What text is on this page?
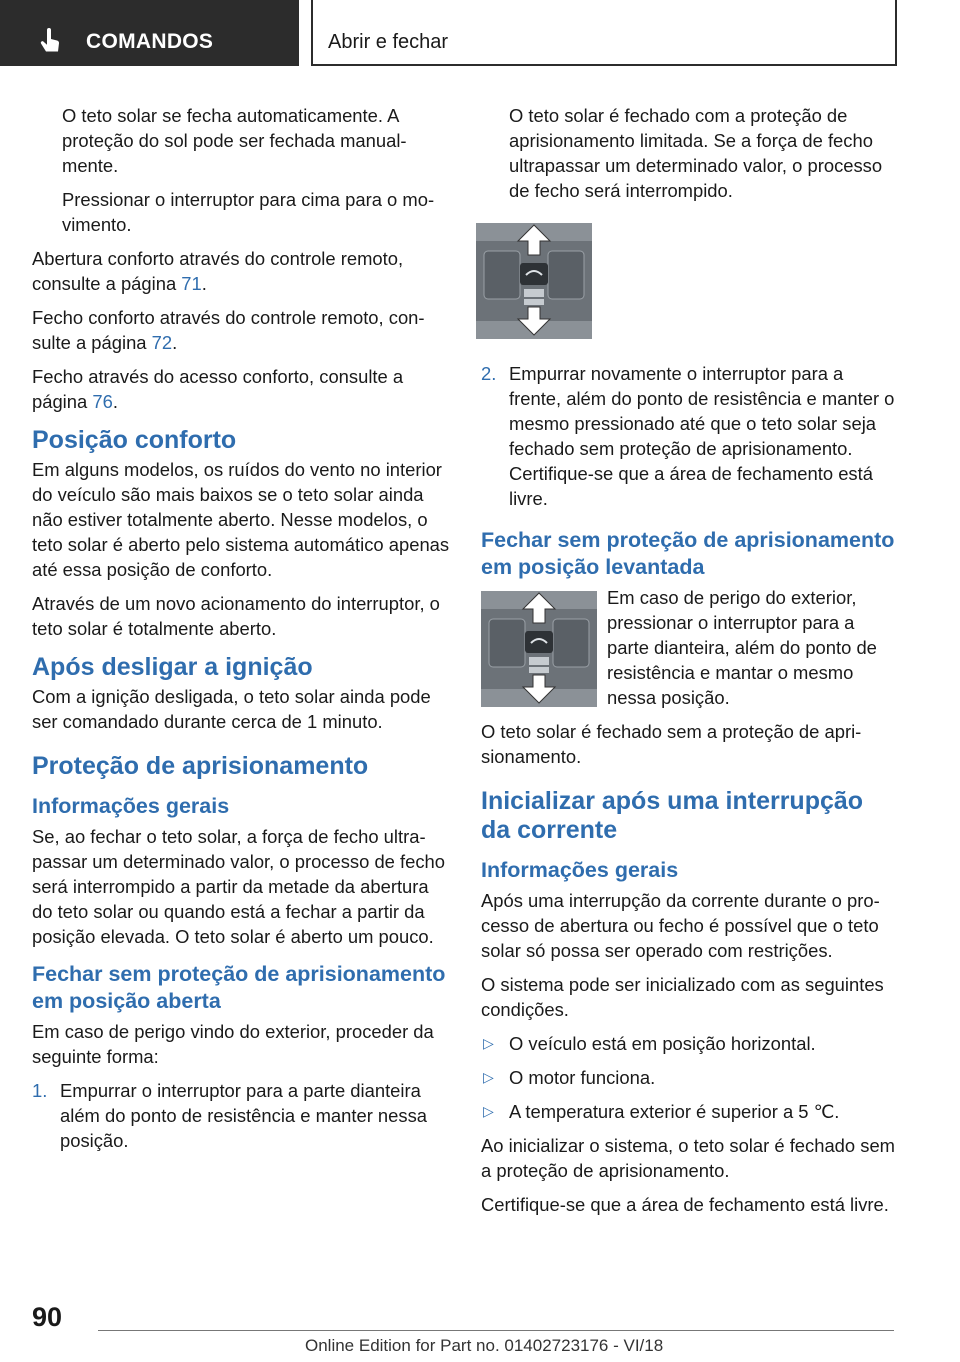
COMANDOS	Abrir e fechar

O teto solar se fecha automaticamente. A proteção do sol pode ser fechada manualmente.

Pressionar o interruptor para cima para o movimento.

Abertura conforto através do controle remoto, consulte a página 71.

Fecho conforto através do controle remoto, consulte a página 72.

Fecho através do acesso conforto, consulte a página 76.

Posição conforto

Em alguns modelos, os ruídos do vento no interior do veículo são mais baixos se o teto solar ainda não estiver totalmente aberto. Nesse modelos, o teto solar é aberto pelo sistema automático apenas até essa posição de conforto.

Através de um novo acionamento do interruptor, o teto solar é totalmente aberto.

Após desligar a ignição

Com a ignição desligada, o teto solar ainda pode ser comandado durante cerca de 1 minuto.

Proteção de aprisionamento
Informações gerais

Se, ao fechar o teto solar, a força de fecho ultrapassar um determinado valor, o processo de fecho será interrompido a partir da metade da abertura do teto solar ou quando está a fechar a partir da posição elevada. O teto solar é aberto um pouco.

Fechar sem proteção de aprisionamento em posição aberta

Em caso de perigo vindo do exterior, proceder da seguinte forma:

1. Empurrar o interruptor para a parte dianteira além do ponto de resistência e manter nessa posição.

O teto solar é fechado com a proteção de aprisionamento limitada. Se a força de fecho ultrapassar um determinado valor, o processo de fecho será interrompido.

2. Empurrar novamente o interruptor para a frente, além do ponto de resistência e manter o mesmo pressionado até que o teto solar seja fechado sem proteção de aprisionamento. Certifique-se que a área de fechamento está livre.
Fechar sem proteção de aprisionamento em posição levantada

Em caso de perigo do exterior, pressionar o interruptor para a parte dianteira, além do ponto de resistência e mantar o mesmo nessa posição.

O teto solar é fechado sem a proteção de aprisionamento.

Inicializar após uma interrupção da corrente
Informações gerais

Após uma interrupção da corrente durante o processo de abertura ou fecho é possível que o teto solar só possa ser operado com restrições.

O sistema pode ser inicializado com as seguintes condições.

▷ O veículo está em posição horizontal.
▷ O motor funciona.
▷ A temperatura exterior é superior a 5 ℃.

Ao inicializar o sistema, o teto solar é fechado sem a proteção de aprisionamento.

Certifique-se que a área de fechamento está livre.

90
Online Edition for Part no. 01402723176 - VI/18
